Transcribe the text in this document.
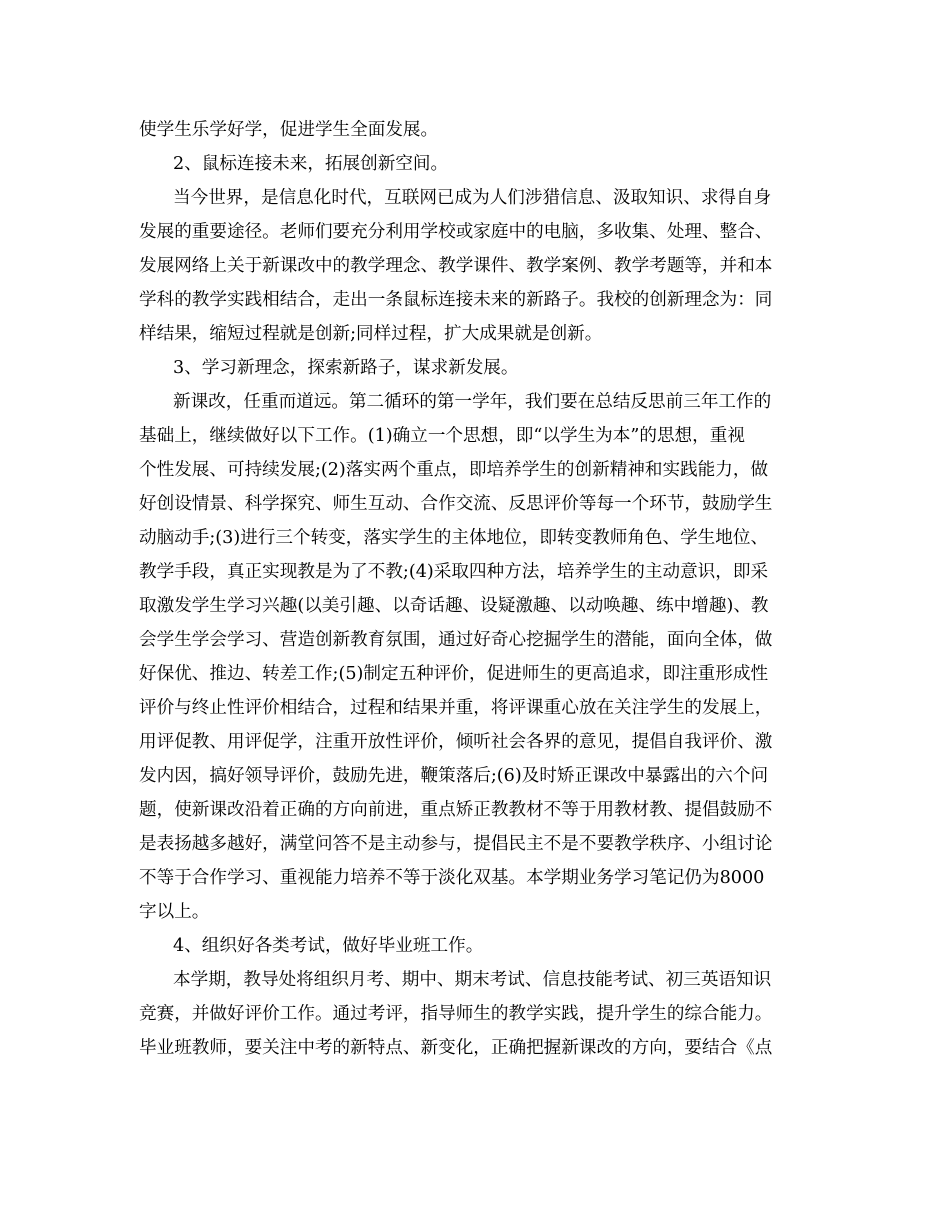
使学生乐学好学，促进学生全面发展。
2、鼠标连接未来，拓展创新空间。
当今世界，是信息化时代，互联网已成为人们涉猎信息、汲取知识、求得自身
发展的重要途径。老师们要充分利用学校或家庭中的电脑，多收集、处理、整合、
发展网络上关于新课改中的教学理念、教学课件、教学案例、教学考题等，并和本
学科的教学实践相结合，走出一条鼠标连接未来的新路子。我校的创新理念为：同
样结果，缩短过程就是创新;同样过程，扩大成果就是创新。
3、学习新理念，探索新路子，谋求新发展。
新课改，任重而道远。第二循环的第一学年，我们要在总结反思前三年工作的
基础上，继续做好以下工作。(1)确立一个思想，即“以学生为本”的思想，重视
个性发展、可持续发展;(2)落实两个重点，即培养学生的创新精神和实践能力，做
好创设情景、科学探究、师生互动、合作交流、反思评价等每一个环节，鼓励学生
动脑动手;(3)进行三个转变，落实学生的主体地位，即转变教师角色、学生地位、
教学手段，真正实现教是为了不教;(4)采取四种方法，培养学生的主动意识，即采
取激发学生学习兴趣(以美引趣、以奇话趣、设疑激趣、以动唤趣、练中增趣)、教
会学生学会学习、营造创新教育氛围，通过好奇心挖掘学生的潜能，面向全体，做
好保优、推边、转差工作;(5)制定五种评价，促进师生的更高追求，即注重形成性
评价与终止性评价相结合，过程和结果并重，将评课重心放在关注学生的发展上，
用评促教、用评促学，注重开放性评价，倾听社会各界的意见，提倡自我评价、激
发内因，搞好领导评价，鼓励先进，鞭策落后;(6)及时矫正课改中暴露出的六个问
题，使新课改沿着正确的方向前进，重点矫正教教材不等于用教材教、提倡鼓励不
是表扬越多越好，满堂问答不是主动参与，提倡民主不是不要教学秩序、小组讨论
不等于合作学习、重视能力培养不等于淡化双基。本学期业务学习笔记仍为8000
字以上。
4、组织好各类考试，做好毕业班工作。
本学期，教导处将组织月考、期中、期末考试、信息技能考试、初三英语知识
竞赛，并做好评价工作。通过考评，指导师生的教学实践，提升学生的综合能力。
毕业班教师，要关注中考的新特点、新变化，正确把握新课改的方向，要结合《点
